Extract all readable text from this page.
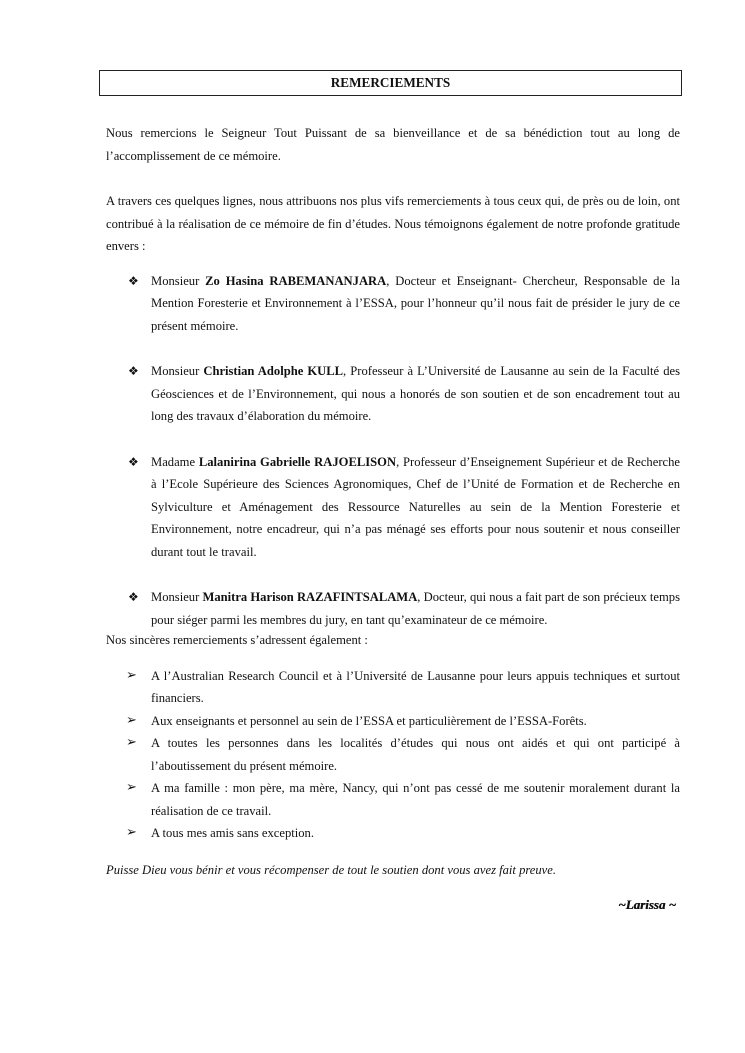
REMERCIEMENTS

Nous remercions le Seigneur Tout Puissant de sa bienveillance et de sa bénédiction tout au long de l’accomplissement de ce mémoire.

A travers ces quelques lignes, nous attribuons nos plus vifs remerciements à tous ceux qui, de près ou de loin, ont contribué à la réalisation de ce mémoire de fin d’études. Nous témoignons également de notre profonde gratitude envers :

❖ Monsieur Zo Hasina RABEMANANJARA, Docteur et Enseignant- Chercheur, Responsable de la Mention Foresterie et Environnement à l’ESSA, pour l’honneur qu’il nous fait de présider le jury de ce présent mémoire.

❖ Monsieur Christian Adolphe KULL, Professeur à L’Université de Lausanne au sein de la Faculté des Géosciences et de l’Environnement, qui nous a honorés de son soutien et de son encadrement tout au long des travaux d’élaboration du mémoire.

❖ Madame Lalanirina Gabrielle RAJOELISON, Professeur d’Enseignement Supérieur et de Recherche à l’Ecole Supérieure des Sciences Agronomiques, Chef de l’Unité de Formation et de Recherche en Sylviculture et Aménagement des Ressource Naturelles au sein de la Mention Foresterie et Environnement, notre encadreur, qui n’a pas ménagé ses efforts pour nous soutenir et nous conseiller durant tout le travail.

❖ Monsieur Manitra Harison RAZAFINTSALAMA, Docteur, qui nous a fait part de son précieux temps pour siéger parmi les membres du jury, en tant qu’examinateur de ce mémoire.

Nos sincères remerciements s’adressent également :

➢ A l’Australian Research Council et à l’Université de Lausanne pour leurs appuis techniques et surtout financiers.

➢ Aux enseignants et personnel au sein de l’ESSA et particulièrement de l’ESSA-Forêts.

➢ A toutes les personnes dans les localités d’études qui nous ont aidés et qui ont participé à l’aboutissement du présent mémoire.

➢ A ma famille : mon père, ma mère, Nancy, qui n’ont pas cessé de me soutenir moralement durant la réalisation de ce travail.

➢ A tous mes amis sans exception.

Puisse Dieu vous bénir et vous récompenser de tout le soutien dont vous avez fait preuve.

~Larissa ~
